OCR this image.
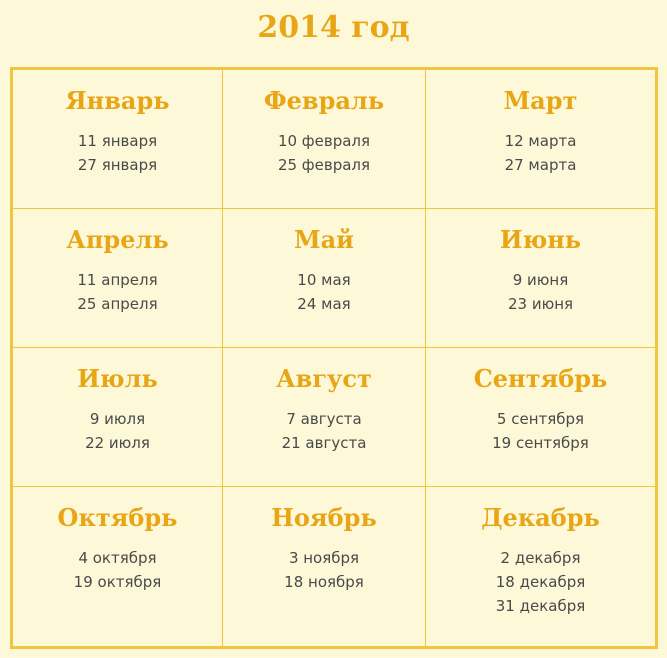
2014 год
Январь
11 января
27 января
Февраль
10 февраля
25 февраля
Март
12 марта
27 марта
Апрель
11 апреля
25 апреля
Май
10 мая
24 мая
Июнь
9 июня
23 июня
Июль
9 июля
22 июля
Август
7 августа
21 августа
Сентябрь
5 сентября
19 сентября
Октябрь
4 октября
19 октября
Ноябрь
3 ноября
18 ноября
Декабрь
2 декабря
18 декабря
31 декабря
